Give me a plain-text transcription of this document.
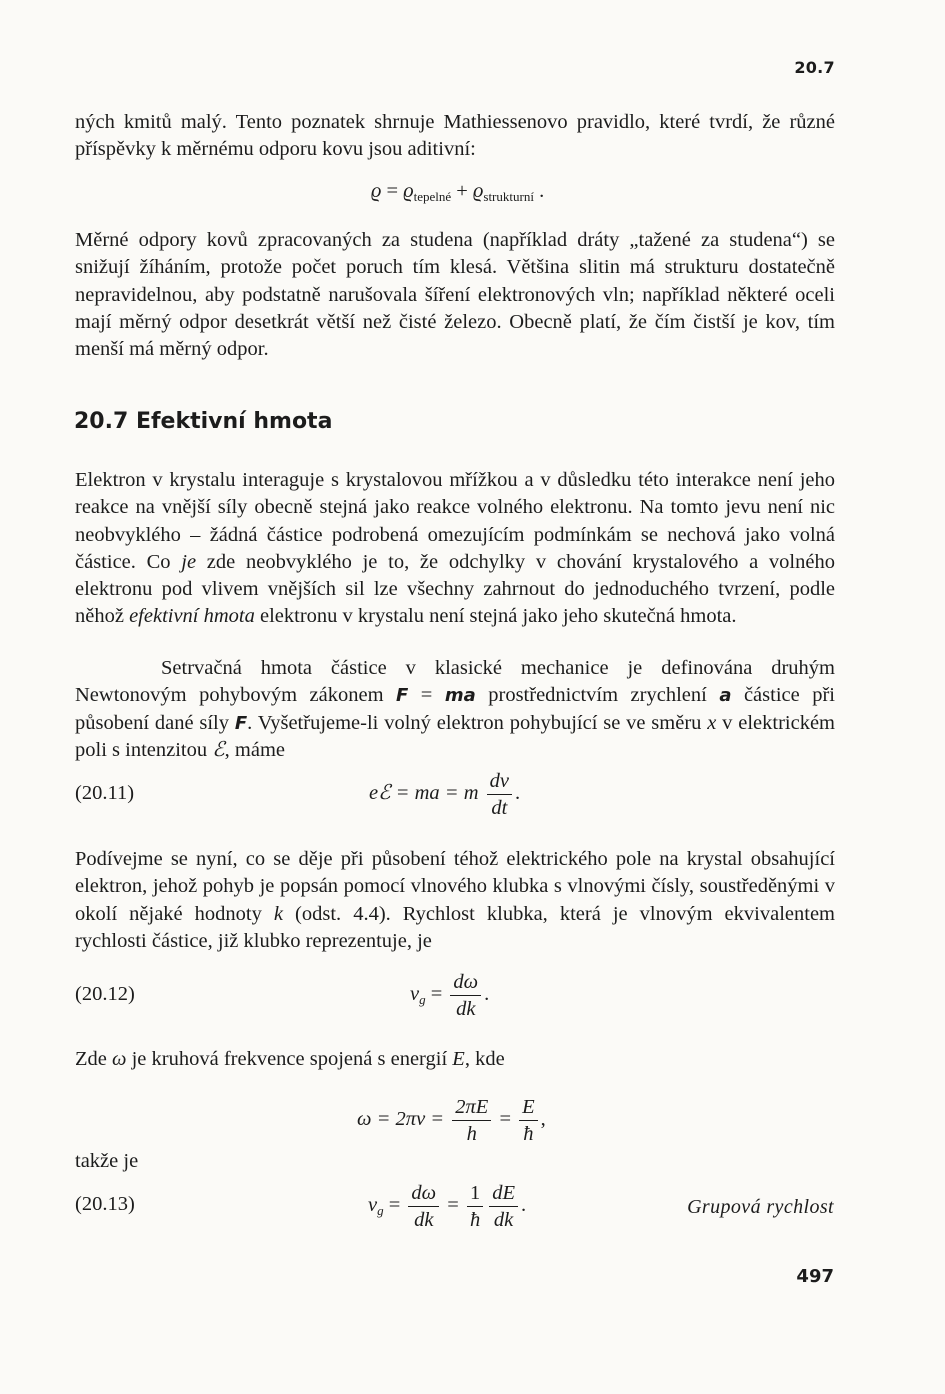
20.7
ných kmitů malý. Tento poznatek shrnuje Mathiessenovo pravidlo, které tvrdí, že různé příspěvky k měrnému odporu kovu jsou aditivní:
$ϱ = ϱ_{tepelné} + ϱ_{strukturní}$ .
Měrné odpory kovů zpracovaných za studena (například dráty „tažené za studena“) se snižují žíháním, protože počet poruch tím klesá. Většina slitin má strukturu dostatečně nepravidelnou, aby podstatně narušovala šíření elektronových vln; například některé oceli mají měrný odpor desetkrát větší než čisté železo. Obecně platí, že čím čistší je kov, tím menší má měrný odpor.
20.7 Efektivní hmota
Elektron v krystalu interaguje s krystalovou mřížkou a v důsledku této interakce není jeho reakce na vnější síly obecně stejná jako reakce volného elektronu. Na tomto jevu není nic neobvyklého – žádná částice podrobená omezujícím podmínkám se nechová jako volná částice. Co je zde neobvyklého je to, že odchylky v chování krystalového a volného elektronu pod vlivem vnějších sil lze všechny zahrnout do jednoduchého tvrzení, podle něhož efektivní hmota elektronu v krystalu není stejná jako jeho skutečná hmota.
Setrvačná hmota částice v klasické mechanice je definována druhým Newtonovým pohybovým zákonem F = ma prostřednictvím zrychlení a částice při působení dané síly F. Vyšetřujeme-li volný elektron pohybující se ve směru x v elektrickém poli s intenzitou ℰ, máme
(20.11)	eℰ = ma = m $\frac{dv}{dt}$ .
Podívejme se nyní, co se děje při působení téhož elektrického pole na krystal obsahující elektron, jehož pohyb je popsán pomocí vlnového klubka s vlnovými čísly, soustředěnými v okolí nějaké hodnoty k (odst. 4.4). Rychlost klubka, která je vlnovým ekvivalentem rychlosti částice, již klubko reprezentuje, je
(20.12)	$v_g = \frac{d\omega}{dk}$ .
Zde ω je kruhová frekvence spojená s energií E, kde
$\omega = 2\pi\nu = \frac{2\pi E}{h} = \frac{E}{ħ}$ ,
takže je
(20.13)	$v_g = \frac{d\omega}{dk} = \frac{1}{ħ} \frac{dE}{dk}$ .	Grupová rychlost
497
